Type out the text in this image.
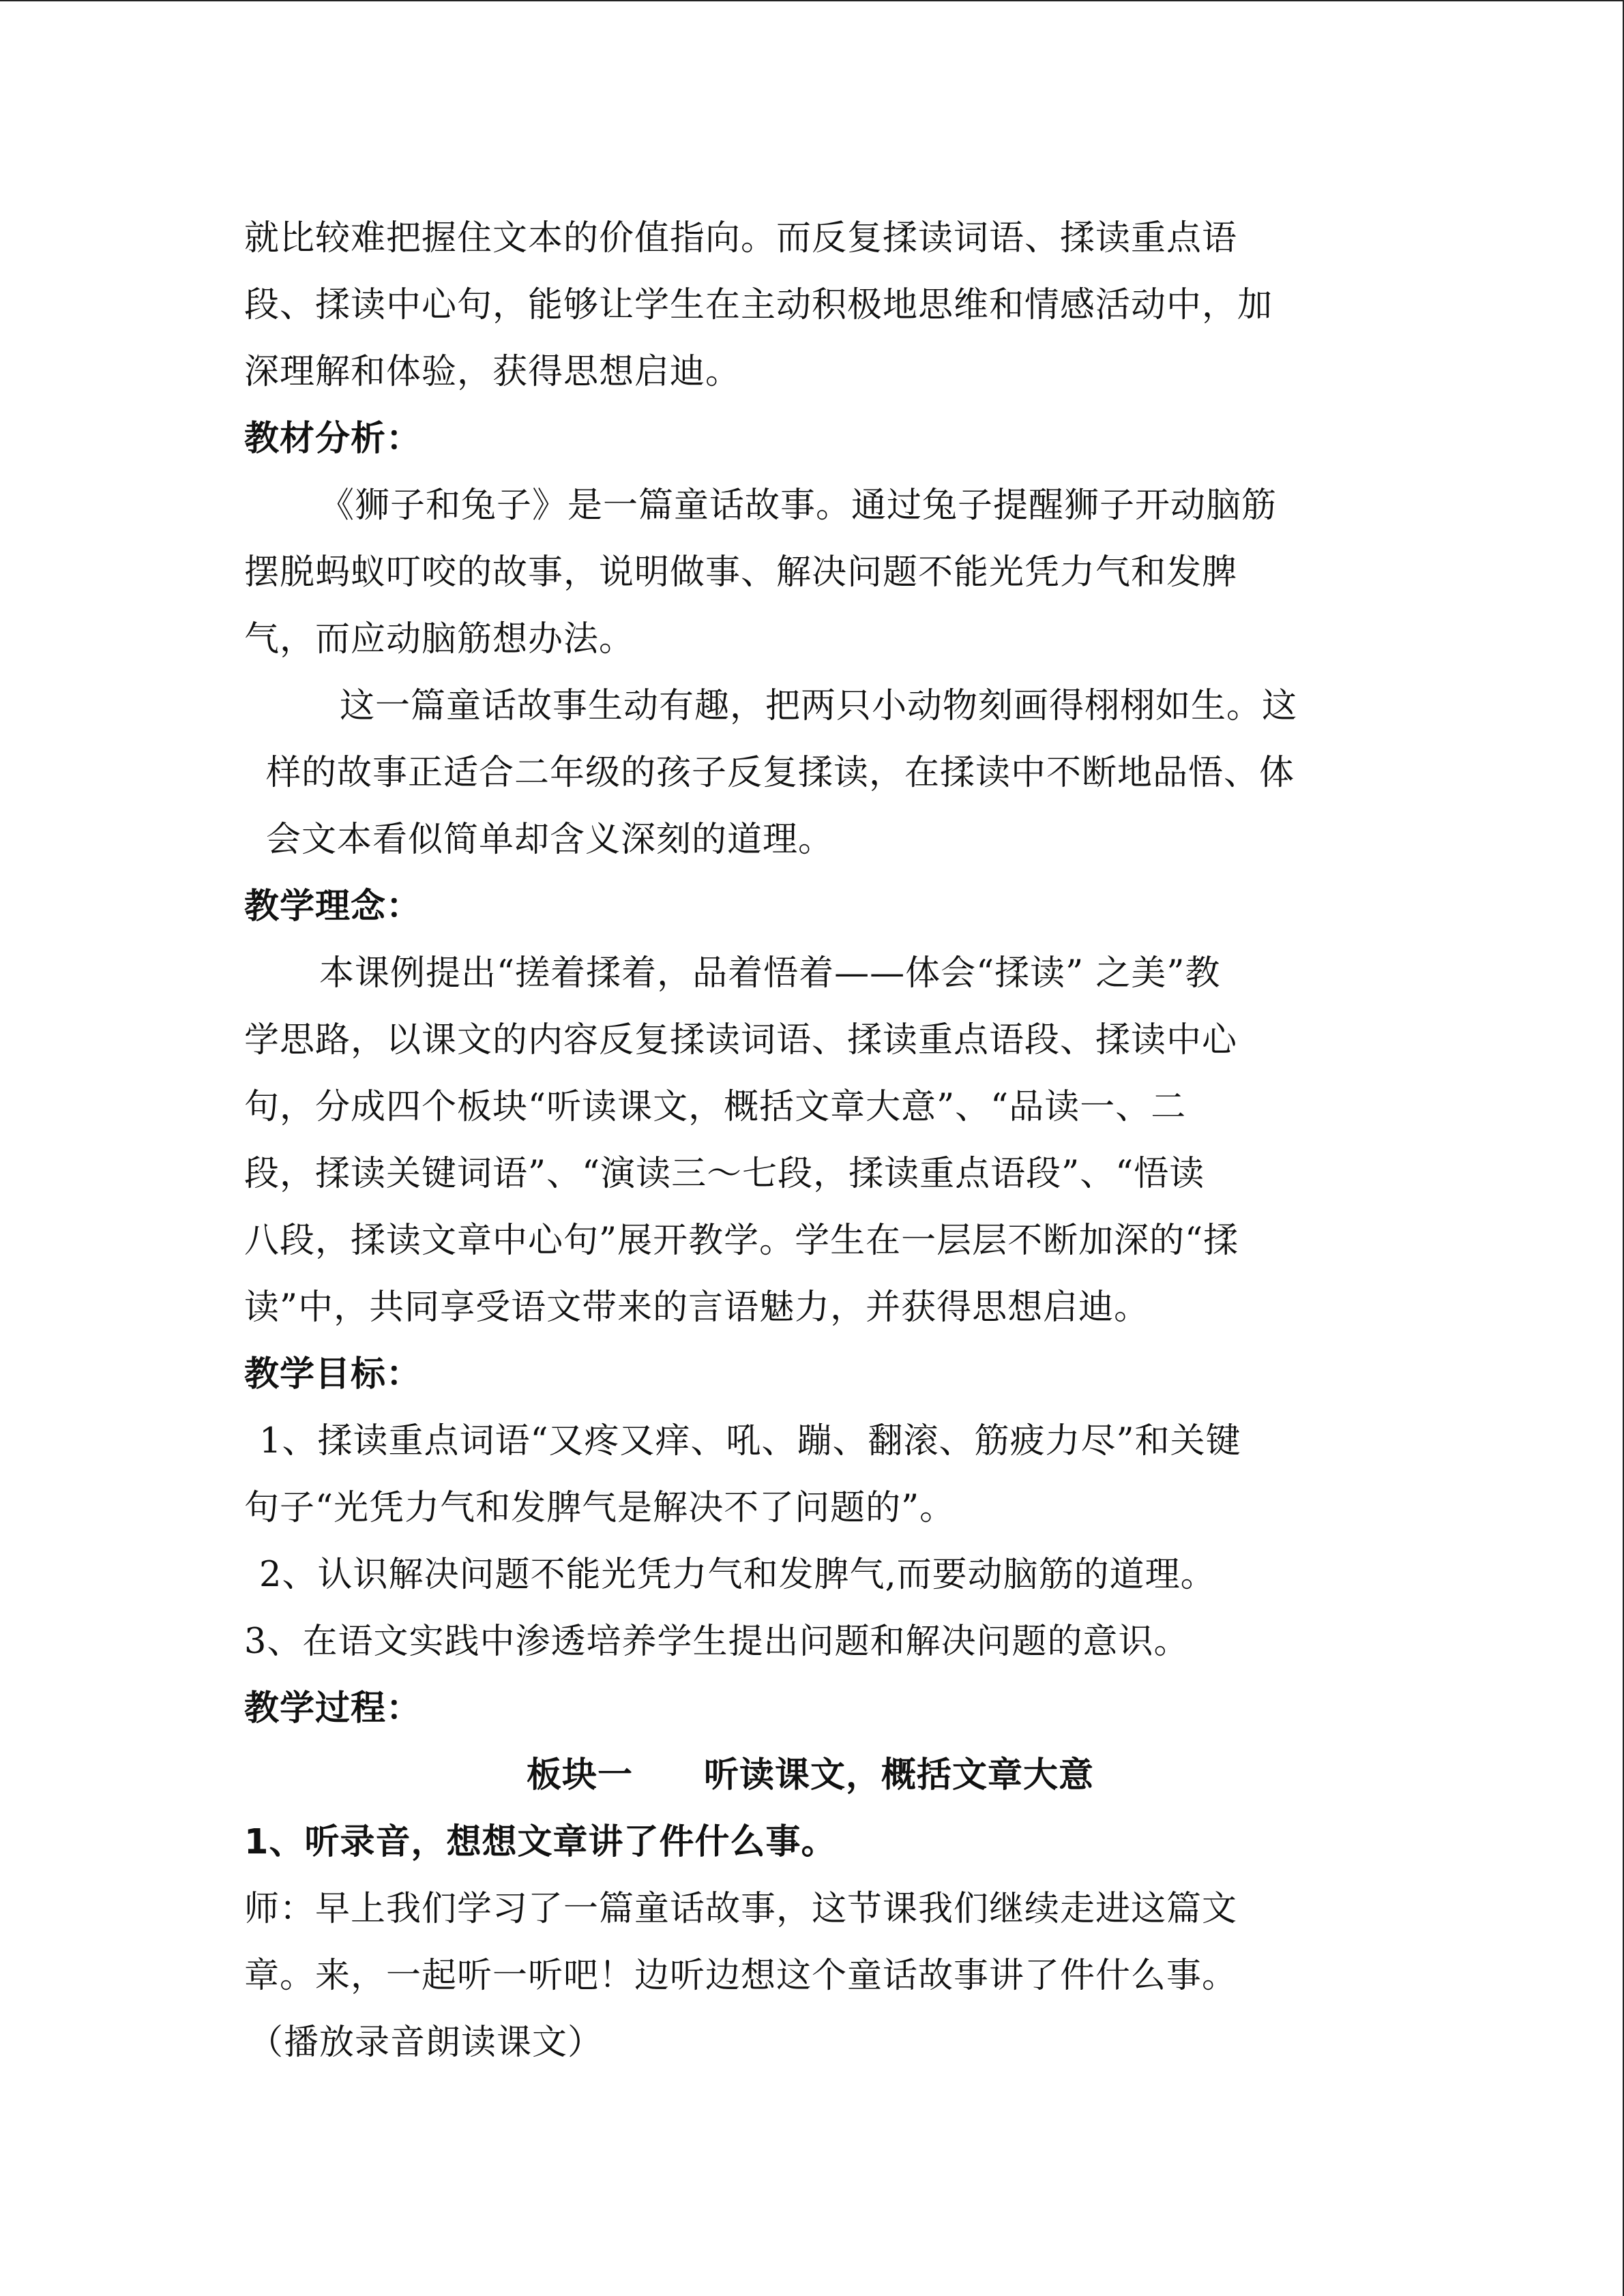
就比较难把握住文本的价值指向。而反复揉读词语、揉读重点语
段、揉读中心句，能够让学生在主动积极地思维和情感活动中，加
深理解和体验，获得思想启迪。
教材分析：
《狮子和兔子》是一篇童话故事。通过兔子提醒狮子开动脑筋
摆脱蚂蚁叮咬的故事，说明做事、解决问题不能光凭力气和发脾
气，而应动脑筋想办法。
这一篇童话故事生动有趣，把两只小动物刻画得栩栩如生。这
样的故事正适合二年级的孩子反复揉读，在揉读中不断地品悟、体
会文本看似简单却含义深刻的道理。
教学理念：
本课例提出“搓着揉着，品着悟着——体会“揉读” 之美”教
学思路，以课文的内容反复揉读词语、揉读重点语段、揉读中心
句，分成四个板块“听读课文，概括文章大意”、“品读一、二
段，揉读关键词语”、“演读三～七段，揉读重点语段”、“悟读
八段，揉读文章中心句”展开教学。学生在一层层不断加深的“揉
读”中，共同享受语文带来的言语魅力，并获得思想启迪。
教学目标：
1、揉读重点词语“又疼又痒、吼、蹦、翻滚、筋疲力尽”和关键
句子“光凭力气和发脾气是解决不了问题的”。
2、认识解决问题不能光凭力气和发脾气,而要动脑筋的道理。
3、在语文实践中渗透培养学生提出问题和解决问题的意识。
教学过程：
板块一　　听读课文，概括文章大意
1、听录音，想想文章讲了件什么事。
师：早上我们学习了一篇童话故事，这节课我们继续走进这篇文
章。来，一起听一听吧！边听边想这个童话故事讲了件什么事。
（播放录音朗读课文）
